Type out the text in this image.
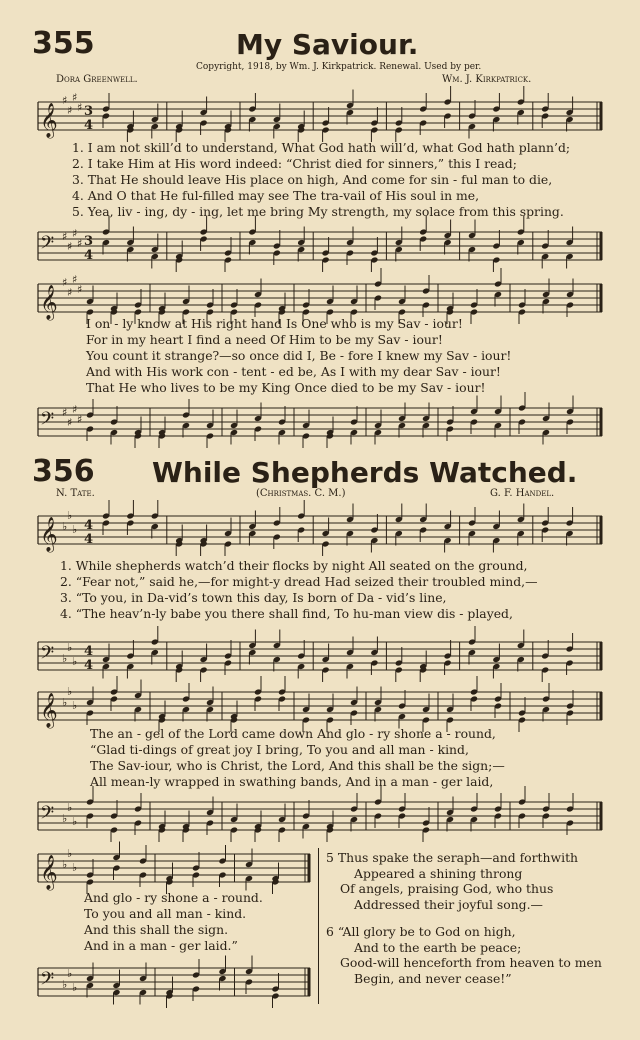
355	My Saviour.
Copyright, 1918, by Wm. J. Kirkpatrick. Renewal. Used by per.
Dora Greenwell.	Wm. J. Kirkpatrick.
𝄞
♯
♯
♯
♯ 3
4
1. I am not skill’d to understand, What God hath will’d, what God hath plann’d;
2. I take Him at His word indeed: “Christ died for sinners,” this I read;
3. That He should leave His place on high, And come for sin - ful man to die,
4. And O that He ful-filled may see The tra-vail of His soul in me,
5. Yea, liv - ing, dy - ing, let me bring My strength, my solace from this spring.
𝄢 ♯
♯
♯
♯ 3
4
𝄞
♯
♯
♯
♯
I on - ly know at His right hand Is One who is my Sav - iour!
For in my heart I find a need Of Him to be my Sav - iour!
You count it strange?—so once did I, Be - fore I knew my Sav - iour!
And with His work con - tent - ed be, As I with my dear Sav - iour!
That He who lives to be my King Once died to be my Sav - iour!
𝄢 ♯
♯
♯
♯
356 While Shepherds Watched.
N. Tate.	(Christmas. C. M.)	G. F. Handel.
𝄞 ♭
♭
♭ 4
4
1. While shepherds watch’d their flocks by night All seated on the ground,
2. “Fear not,” said he,—for might-y dread Had seized their troubled mind,—
3. “To you, in Da-vid’s town this day, Is born of Da - vid’s line,
4. “The heav’n-ly babe you there shall find, To hu-man view dis - played,
𝄢 ♭
♭
♭
4
4
𝄞 ♭
♭
♭
The an - gel of the Lord came down And glo - ry shone a - round,
“Glad ti-dings of great joy I bring, To you and all man - kind,
The Sav-iour, who is Christ, the Lord, And this shall be the sign;—
All mean-ly wrapped in swathing bands, And in a man - ger laid,
𝄢 ♭
♭
♭
𝄞 ♭
♭
♭
And glo - ry shone a - round.
To you and all man - kind.
And this shall the sign.
And in a man - ger laid.”
𝄢 ♭
♭
♭
5 Thus spake the seraph—and forthwith
Appeared a shining throng
Of angels, praising God, who thus
Addressed their joyful song.—
6 “All glory be to God on high,
And to the earth be peace;
Good-will henceforth from heaven to men
Begin, and never cease!”
